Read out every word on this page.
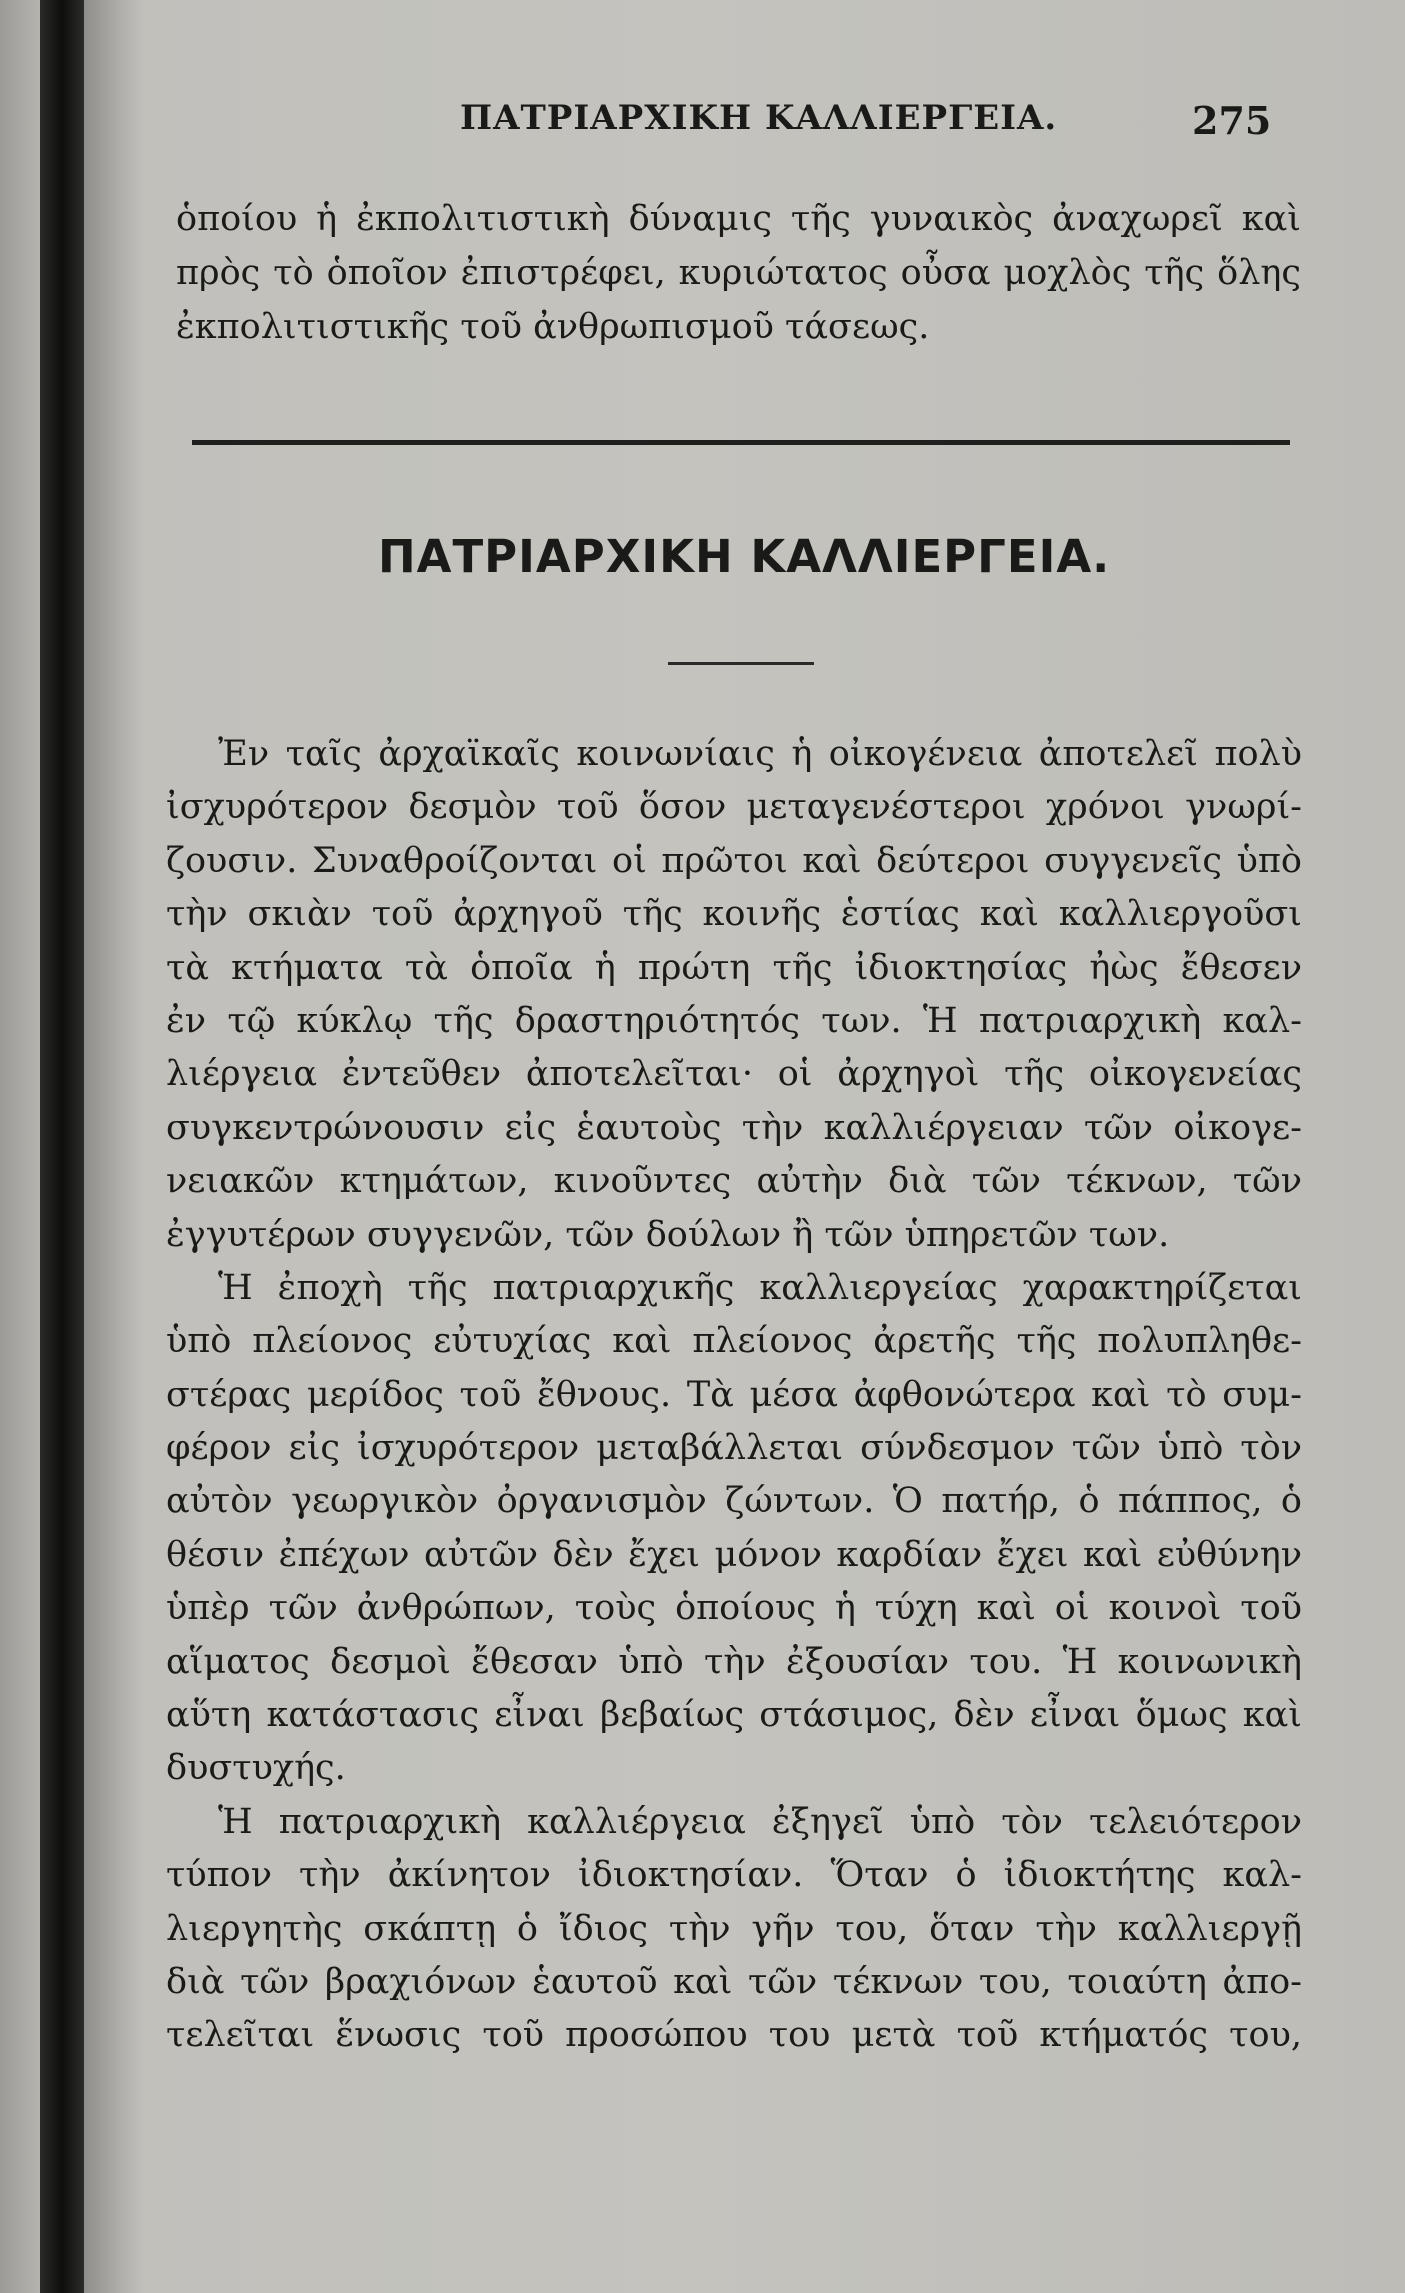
ΠΑΤΡΙΑΡΧΙΚΗ ΚΑΛΛΙΕΡΓΕΙΑ.	275
ὁποίου ἡ ἐκπολιτιστικὴ δύναμις τῆς γυναικὸς ἀναχωρεῖ καὶ
πρὸς τὸ ὁποῖον ἐπιστρέφει, κυριώτατος οὖσα μοχλὸς τῆς ὅλης
ἐκπολιτιστικῆς τοῦ ἀνθρωπισμοῦ τάσεως.
ΠΑΤΡΙΑΡΧΙΚΗ ΚΑΛΛΙΕΡΓΕΙΑ.
Ἐν ταῖς ἀρχαϊκαῖς κοινωνίαις ἡ οἰκογένεια ἀποτελεῖ πολὺ
ἰσχυρότερον δεσμὸν τοῦ ὅσον μεταγενέστεροι χρόνοι γνωρί-
ζουσιν. Συναθροίζονται οἱ πρῶτοι καὶ δεύτεροι συγγενεῖς ὑπὸ
τὴν σκιὰν τοῦ ἀρχηγοῦ τῆς κοινῆς ἑστίας καὶ καλλιεργοῦσι
τὰ κτήματα τὰ ὁποῖα ἡ πρώτη τῆς ἰδιοκτησίας ἠὼς ἔθεσεν
ἐν τῷ κύκλῳ τῆς δραστηριότητός των. Ἡ πατριαρχικὴ καλ-
λιέργεια ἐντεῦθεν ἀποτελεῖται· οἱ ἀρχηγοὶ τῆς οἰκογενείας
συγκεντρώνουσιν εἰς ἑαυτοὺς τὴν καλλιέργειαν τῶν οἰκογε-
νειακῶν κτημάτων, κινοῦντες αὐτὴν διὰ τῶν τέκνων, τῶν
ἐγγυτέρων συγγενῶν, τῶν δούλων ἢ τῶν ὑπηρετῶν των.
Ἡ ἐποχὴ τῆς πατριαρχικῆς καλλιεργείας χαρακτηρίζεται
ὑπὸ πλείονος εὐτυχίας καὶ πλείονος ἀρετῆς τῆς πολυπληθε-
στέρας μερίδος τοῦ ἔθνους. Τὰ μέσα ἀφθονώτερα καὶ τὸ συμ-
φέρον εἰς ἰσχυρότερον μεταβάλλεται σύνδεσμον τῶν ὑπὸ τὸν
αὐτὸν γεωργικὸν ὀργανισμὸν ζώντων. Ὁ πατήρ, ὁ πάππος, ὁ
θέσιν ἐπέχων αὐτῶν δὲν ἔχει μόνον καρδίαν ἔχει καὶ εὐθύνην
ὑπὲρ τῶν ἀνθρώπων, τοὺς ὁποίους ἡ τύχη καὶ οἱ κοινοὶ τοῦ
αἵματος δεσμοὶ ἔθεσαν ὑπὸ τὴν ἐξουσίαν του. Ἡ κοινωνικὴ
αὕτη κατάστασις εἶναι βεβαίως στάσιμος, δὲν εἶναι ὅμως καὶ
δυστυχής.
Ἡ πατριαρχικὴ καλλιέργεια ἐξηγεῖ ὑπὸ τὸν τελειότερον
τύπον τὴν ἀκίνητον ἰδιοκτησίαν. Ὅταν ὁ ἰδιοκτήτης καλ-
λιεργητὴς σκάπτῃ ὁ ἴδιος τὴν γῆν του, ὅταν τὴν καλλιεργῇ
διὰ τῶν βραχιόνων ἑαυτοῦ καὶ τῶν τέκνων του, τοιαύτη ἀπο-
τελεῖται ἕνωσις τοῦ προσώπου του μετὰ τοῦ κτήματός του,
